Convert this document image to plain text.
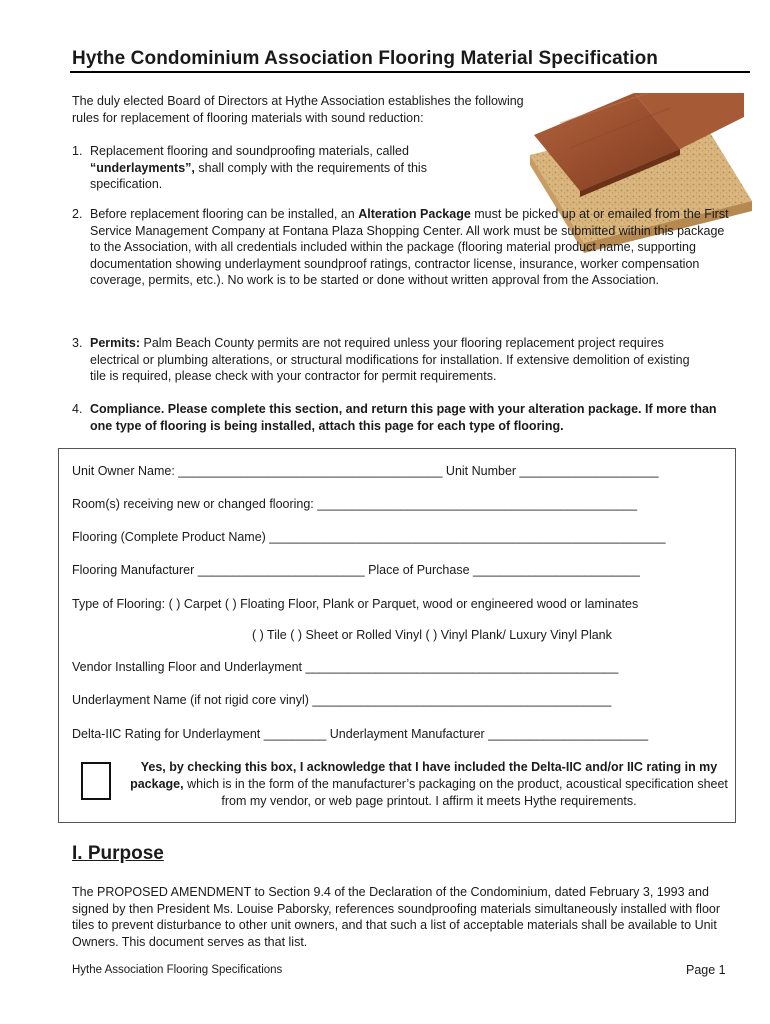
Hythe Condominium Association Flooring Material Specification
The duly elected Board of Directors at Hythe Association establishes the following rules for replacement of flooring materials with sound reduction:
1. Replacement flooring and soundproofing materials, called “underlayments”, shall comply with the requirements of this specification.
2. Before replacement flooring can be installed, an Alteration Package must be picked up at or emailed from the First Service Management Company at Fontana Plaza Shopping Center. All work must be submitted within this package to the Association, with all credentials included within the package (flooring material product name, supporting documentation showing underlayment soundproof ratings, contractor license, insurance, worker compensation coverage, permits, etc.). No work is to be started or done without written approval from the Association.
3. Permits: Palm Beach County permits are not required unless your flooring replacement project requires electrical or plumbing alterations, or structural modifications for installation. If extensive demolition of existing tile is required, please check with your contractor for permit requirements.
4. Compliance. Please complete this section, and return this page with your alteration package. If more than one type of flooring is being installed, attach this page for each type of flooring.
Unit Owner Name: ______________________________________ Unit Number ____________________
Room(s) receiving new or changed flooring: ______________________________________________
Flooring (Complete Product Name) _________________________________________________________
Flooring Manufacturer ________________________ Place of Purchase ________________________
Type of Flooring: ( ) Carpet ( ) Floating Floor, Plank or Parquet, wood or engineered wood or laminates
( ) Tile ( ) Sheet or Rolled Vinyl ( ) Vinyl Plank/ Luxury Vinyl Plank
Vendor Installing Floor and Underlayment _____________________________________________
Underlayment Name (if not rigid core vinyl) ___________________________________________
Delta-IIC Rating for Underlayment _________ Underlayment Manufacturer _______________________
Yes, by checking this box, I acknowledge that I have included the Delta-IIC and/or IIC rating in my package, which is in the form of the manufacturer’s packaging on the product, acoustical specification sheet from my vendor, or web page printout. I affirm it meets Hythe requirements.
I. Purpose
The PROPOSED AMENDMENT to Section 9.4 of the Declaration of the Condominium, dated February 3, 1993 and signed by then President Ms. Louise Paborsky, references soundproofing materials simultaneously installed with floor tiles to prevent disturbance to other unit owners, and that such a list of acceptable materials shall be available to Unit Owners. This document serves as that list.
Hythe Association Flooring Specifications	Page 1
